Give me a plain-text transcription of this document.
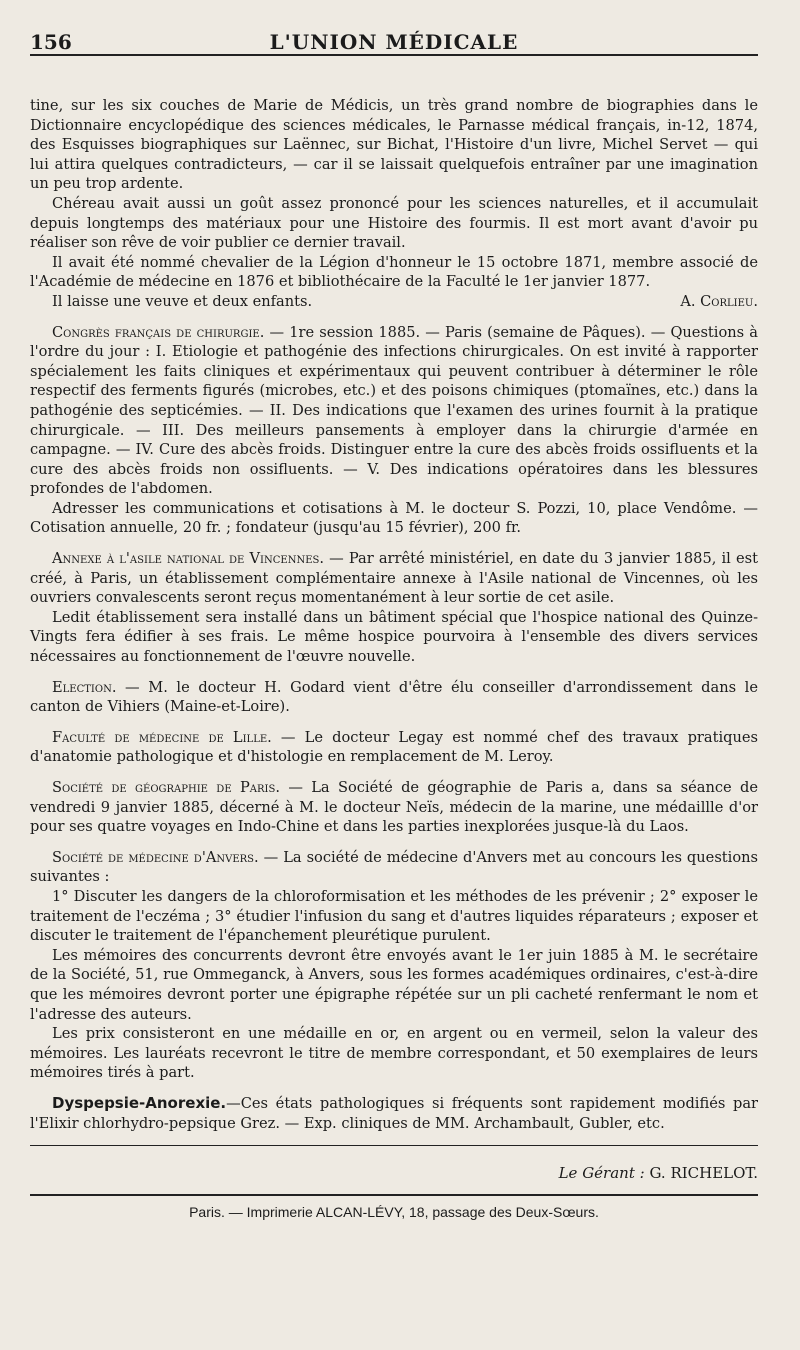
156	L'UNION MÉDICALE

tine, sur les six couches de Marie de Médicis, un très grand nombre de biographies dans le Dictionnaire encyclopédique des sciences médicales, le Parnasse médical français, in-12, 1874, des Esquisses biographiques sur Laënnec, sur Bichat, l'Histoire d'un livre, Michel Servet — qui lui attira quelques contradicteurs, — car il se laissait quelquefois entraîner par une imagination un peu trop ardente.

Chéreau avait aussi un goût assez prononcé pour les sciences naturelles, et il accumulait depuis longtemps des matériaux pour une Histoire des fourmis. Il est mort avant d'avoir pu réaliser son rêve de voir publier ce dernier travail.

Il avait été nommé chevalier de la Légion d'honneur le 15 octobre 1871, membre associé de l'Académie de médecine en 1876 et bibliothécaire de la Faculté le 1er janvier 1877.

Il laisse une veuve et deux enfants.	A. Corlieu.

Congrès français de chirurgie. — 1re session 1885. — Paris (semaine de Pâques). — Questions à l'ordre du jour : I. Etiologie et pathogénie des infections chirurgicales. On est invité à rapporter spécialement les faits cliniques et expérimentaux qui peuvent contribuer à déterminer le rôle respectif des ferments figurés (microbes, etc.) et des poisons chimiques (ptomaïnes, etc.) dans la pathogénie des septicémies. — II. Des indications que l'examen des urines fournit à la pratique chirurgicale. — III. Des meilleurs pansements à employer dans la chirurgie d'armée en campagne. — IV. Cure des abcès froids. Distinguer entre la cure des abcès froids ossifluents et la cure des abcès froids non ossifluents. — V. Des indications opératoires dans les blessures profondes de l'abdomen.

Adresser les communications et cotisations à M. le docteur S. Pozzi, 10, place Vendôme. — Cotisation annuelle, 20 fr. ; fondateur (jusqu'au 15 février), 200 fr.

Annexe à l'asile national de Vincennes. — Par arrêté ministériel, en date du 3 janvier 1885, il est créé, à Paris, un établissement complémentaire annexe à l'Asile national de Vincennes, où les ouvriers convalescents seront reçus momentanément à leur sortie de cet asile.

Ledit établissement sera installé dans un bâtiment spécial que l'hospice national des Quinze-Vingts fera édifier à ses frais. Le même hospice pourvoira à l'ensemble des divers services nécessaires au fonctionnement de l'œuvre nouvelle.

Election. — M. le docteur H. Godard vient d'être élu conseiller d'arrondissement dans le canton de Vihiers (Maine-et-Loire).

Faculté de médecine de Lille. — Le docteur Legay est nommé chef des travaux pratiques d'anatomie pathologique et d'histologie en remplacement de M. Leroy.

Société de géographie de Paris. — La Société de géographie de Paris a, dans sa séance de vendredi 9 janvier 1885, décerné à M. le docteur Neïs, médecin de la marine, une médaillle d'or pour ses quatre voyages en Indo-Chine et dans les parties inexplorées jusque-là du Laos.

Société de médecine d'Anvers. — La société de médecine d'Anvers met au concours les questions suivantes :

1° Discuter les dangers de la chloroformisation et les méthodes de les prévenir ; 2° exposer le traitement de l'eczéma ; 3° étudier l'infusion du sang et d'autres liquides réparateurs ; exposer et discuter le traitement de l'épanchement pleurétique purulent.

Les mémoires des concurrents devront être envoyés avant le 1er juin 1885 à M. le secrétaire de la Société, 51, rue Ommeganck, à Anvers, sous les formes académiques ordinaires, c'est-à-dire que les mémoires devront porter une épigraphe répétée sur un pli cacheté renfermant le nom et l'adresse des auteurs.

Les prix consisteront en une médaille en or, en argent ou en vermeil, selon la valeur des mémoires. Les lauréats recevront le titre de membre correspondant, et 50 exemplaires de leurs mémoires tirés à part.

Dyspepsie-Anorexie.—Ces états pathologiques si fréquents sont rapidement modifiés par l'Elixir chlorhydro-pepsique Grez. — Exp. cliniques de MM. Archambault, Gubler, etc.

Le Gérant : G. RICHELOT.
Paris. — Imprimerie ALCAN-LÉVY, 18, passage des Deux-Sœurs.
